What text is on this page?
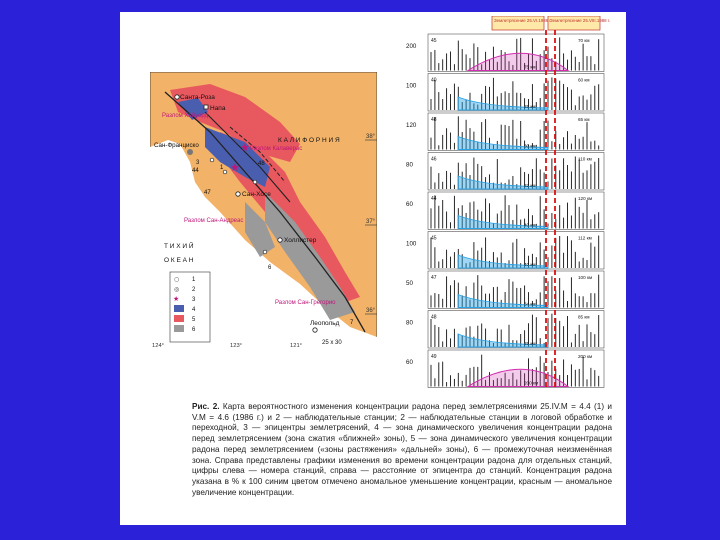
★
★
Санта-Роза
Напа
Сан-Франциско
Сан-Хосе
Холлистер
Леопольд
К А Л И Ф О Р Н И Я
Т И Х И Й
О К Е А Н
Разлом Хейуорд
Разлом Калаверас
Разлом Сан-Андреас
Разлом Сан-Грегорио
3
1
44
48
47
6
7
38°
37°
36°
25 х 30
○
◎
★
1
2
3
4
5
6
124°	123°	121°
Землетрясение 25.VI.1988 г.
Землетрясение 25.VIII.1988 г.
45
75 км
70 км
200
40
25 км
60 км
100
48
30 км
65 км
120
46
32 км
110 км
80
44
40 км
120 км
60
45
40 км
112 км
100
47
34 км
100 км
50
48
35 км
85 км
80
49
200 км
200 км
60
Рис. 2. Карта вероятностного изменения концентрации радона перед землетрясениями 25.IV.М = 4.4 (1) и V.М = 4.6 (1986 г.) и 2 — наблюдательные станции; 2 — наблюдательные станции в логовой обработке и переходной, 3 — эпицентры землетрясений, 4 — зона динамического увеличения концентрации радона перед землетрясением (зона сжатия «ближней» зоны), 5 — зона динамического увеличения концентрации радона перед землетрясением («зоны растяжения» «дальней» зоны), 6 — промежуточная неизменённая зона. Справа представлены графики изменения во времени концентрации радона для отдельных станций, цифры слева — номера станций, справа — расстояние от эпицентра до станций. Концентрация радона указана в % к 100 синим цветом отмечено аномальное уменьшение концентрации, красным — аномальное увеличение концентрации.
